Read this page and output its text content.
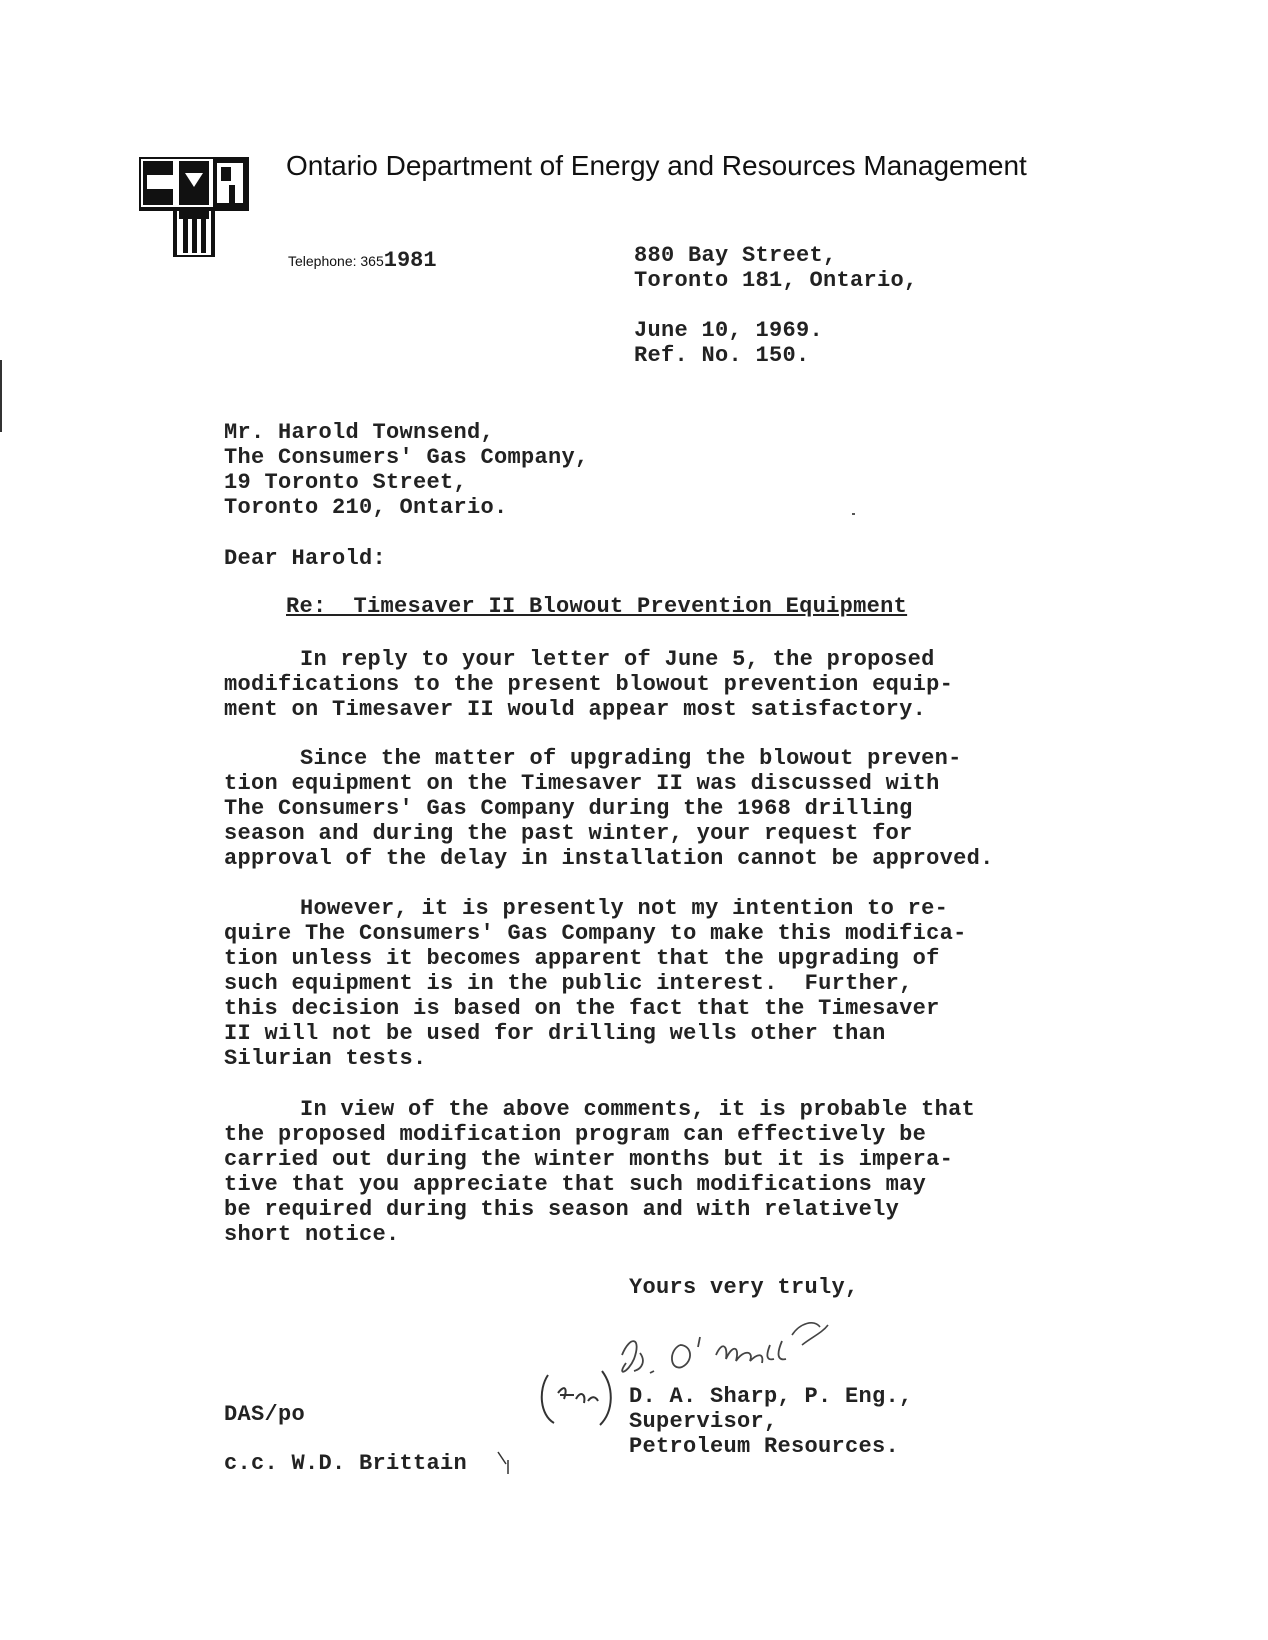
Ontario Department of Energy and Resources Management
Telephone: 3651981	880 Bay Street,
Toronto 181, Ontario,
June 10, 1969.
Ref. No. 150.
Mr. Harold Townsend,
The Consumers' Gas Company,
19 Toronto Street,
Toronto 210, Ontario.
Dear Harold:
Re:  Timesaver II Blowout Prevention Equipment
In reply to your letter of June 5, the proposed
modifications to the present blowout prevention equip-
ment on Timesaver II would appear most satisfactory.
Since the matter of upgrading the blowout preven-
tion equipment on the Timesaver II was discussed with
The Consumers' Gas Company during the 1968 drilling
season and during the past winter, your request for
approval of the delay in installation cannot be approved.
However, it is presently not my intention to re-
quire The Consumers' Gas Company to make this modifica-
tion unless it becomes apparent that the upgrading of
such equipment is in the public interest.  Further,
this decision is based on the fact that the Timesaver
II will not be used for drilling wells other than
Silurian tests.
In view of the above comments, it is probable that
the proposed modification program can effectively be
carried out during the winter months but it is impera-
tive that you appreciate that such modifications may
be required during this season and with relatively
short notice.
Yours very truly,
D. A. Sharp, P. Eng.,
Supervisor,
Petroleum Resources.
DAS/po
c.c. W.D. Brittain
